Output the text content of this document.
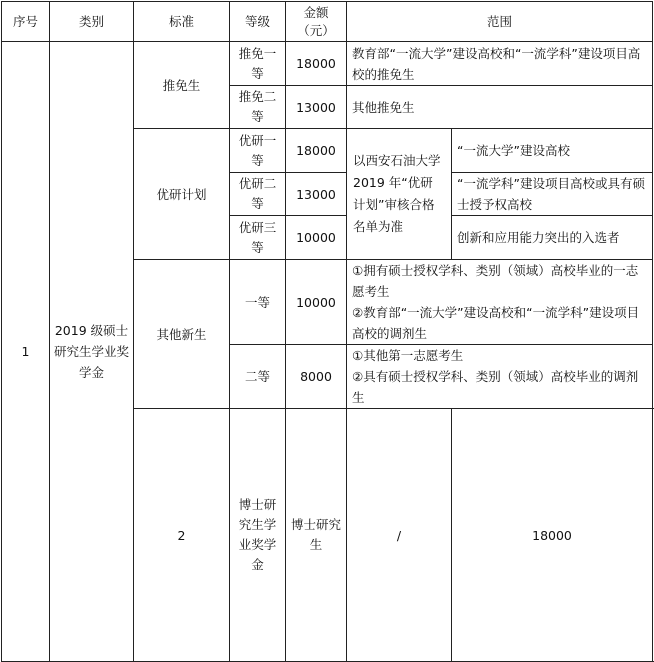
序号	类别	标准	等级	金额（元）	范围		
1	2019 级硕士研究生学业奖学金	推免生	推免一等	18000	教育部“一流大学”建设高校和“一流学科”建设项目高校的推免生		
			推免二等	13000	其他推免生		
		优研计划	优研一等	18000	以西安石油大学 2019 年“优研计划”审核合格名单为准	“一流大学”建设高校	
			优研二等	13000		“一流学科”建设项目高校或具有硕士授予权高校	
			优研三等	10000		创新和应用能力突出的入选者	
		其他新生	一等	10000	①拥有硕士授权学科、类别（领域）高校毕业的一志愿考生
②教育部“一流大学”建设高校和“一流学科”建设项目高校的调剂生		

			二等	8000	①其他第一志愿考生
②具有硕士授权学科、类别（领域）高校毕业的调剂生		

		2	博士研究生学业奖学金	博士研究生	/	18000	
